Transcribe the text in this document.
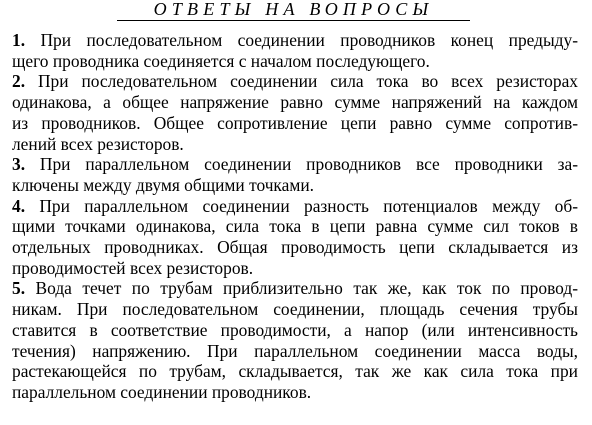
ОТВЕТЫ НА ВОПРОСЫ

1. При последовательном соединении проводников конец предыду-
щего проводника соединяется с началом последующего.

2. При последовательном соединении сила тока во всех резисторах
одинакова, а общее напряжение равно сумме напряжений на каждом
из проводников. Общее сопротивление цепи равно сумме сопротив-
лений всех резисторов.

3. При параллельном соединении проводников все проводники за-
ключены между двумя общими точками.

4. При параллельном соединении разность потенциалов между об-
щими точками одинакова, сила тока в цепи равна сумме сил токов в
отдельных проводниках. Общая проводимость цепи складывается из
проводимостей всех резисторов.

5. Вода течет по трубам приблизительно так же, как ток по провод-
никам. При последовательном соединении, площадь сечения трубы
ставится в соответствие проводимости, а напор (или интенсивность
течения) напряжению. При параллельном соединении масса воды,
растекающейся по трубам, складывается, так же как сила тока при
параллельном соединении проводников.
